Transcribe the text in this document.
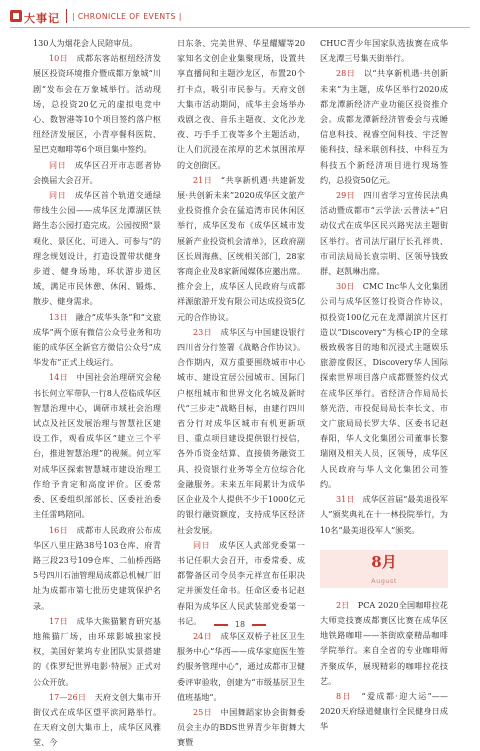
大事记 | CHRONICLE OF EVENTS |

130人为烟花会人民陪审员。

10日　 成都东客站枢纽经济发展区投资环境推介暨成都万象城“川剧”发布会在万象城举行。活动现场，总投资20亿元的虚拟电竞中心、数智港等10个项目签约落户枢纽经济发展区，小青亭餐科医院、星巴克咖啡等6个项目集中签约。

同日　 成华区召开市志愿者协会换届大会召开。

同日　 成华区首个轨道交通绿带线生公园——成华区龙潭湖区铁路生态公园打造完成。公园按照“景观化、景区化、可进入、可参与”的理念规划设计，打造设置带状健身步道、健身场地，环状游步道区域，满足市民休憩、休闲、锻炼、散步、健身需求。

13日　 融合“成华头条”和“文旅成华”两个原有微信公众号业务和功能的成华区全新官方微信公众号“成华发布”正式上线运行。

14日　 中国社会治理研究会秘书长何立军带队一行8人莅临成华区智慧治理中心，调研市域社会治理试点及社区发展治理与智慧社区建设工作，观看成华区“建立三个平台，推进智慧治理”的视频。何立军对成华区探索智慧城市建设治理工作给予肯定和高度评价。区委常委、区委组织部部长、区委社治委主任雷鸣陪同。

16日　 成都市人民政府公布成华区八里庄路38号103仓库、府青路三段23号109仓库、二仙桥西路5号四川石油管理局成都总机械厂旧址为成都市第七批历史建筑保护名录。

17日　 成华大熊猫繁育研究基地熊猫厂场，由环球影城独家授权，美国好莱坞专业团队实景搭建的《侏罗纪世界电影·特展》正式对公众开放。

17—26日　 天府文创大集市开街仪式在成华区望平滨河路举行。在天府文创大集市上，成华区风雅堂、今

日东条、完美世界、华星耀耀等20家知名文创企业集聚现场，设置共享直播间和主题沙龙区，布置20个打卡点，吸引市民参与。天府文创大集市活动期间，成华主会场举办戏剧之夜、音乐主题夜、文化沙龙夜、巧手手工夜等多个主题活动，让人们沉浸在浓厚的艺术氛围浓厚的文创街区。

21日　 “共享新机遇·共建新发展·共创新未来”2020成华区文旅产业投资推介会在猛追湾市民休闲区举行，成华区发布《成华区城市发展新产业投资机会清单》，区政府副区长周海燕、区统相关部门，28家客商企业及8家新闻媒体应邀出席。推介会上，成华区人民政府与成都祥源旅游开发有限公司达成投资5亿元的合作协议。

23日　 成华区与中国建设银行四川省分行签署《战略合作协议》。合作期内，双方重要围绕城市中心城市、建设宜居公园城市、国际门户枢纽城市和世界文化名城及新时代“三步走”战略目标，由建行四川省分行对成华区城市有机更新项目、重点项目建设提供银行授信，各外币资金结算、直接债务融资工具、投资银行业务等全方位综合化金融服务。未来五年间累计为成华区企业及个人提供不少于1000亿元的银行融资额度，支持成华区经济社会发展。

同日　 成华区人武部党委第一书记任职大会召开，市委常委、成都警备区司令员李元祥宣布任职决定并颁发任命书。任命区委书记赵春阳为成华区人民武装部党委第一书记。

24日　 成华区双桥子社区卫生服务中心“华西——成华家庭医生签约服务管理中心”，通过成都市卫健委评审验收，创建为“市级基层卫生值班基地”。

25日　 中国舞蹈家协会街舞委员会主办的BDS世界青少年街舞大赛暨

CHUC青少年国家队选拔赛在成华区龙潭三号集天街举行。

28日　 以“共享新机遇·共创新未来”为主题，成华区举行2020成都龙潭新经济产业功能区投资推介会。成都龙潭新经济管委会与戎睡信息科技、视睿空间科技、宇泛智能科技、绿米联创科技、中科互为科技五个新经济项目进行现场签约，总投资50亿元。

29日　 四川省学习宣传民法典活动暨成都市“云学法·云普法+”启动仪式在成华区民兴路宪法主题街区举行。省司法厅副厅长孔祥贵、市司法局局长袁宗明、区领导钱致群、赵凯琳出席。

30日　 CMC Inc华人文化集团公司与成华区签订投资合作协议，拟投资100亿元在龙潭湖滨片区打造以“Discovery”为核心IP的全球极致极客目的地和沉浸式主题娱乐旅游度假区，Discovery华人国际探索世界项目落户成都暨签约仪式在成华区举行。省经济合作局局长蔡光浩、市投促局局长李长文、市文广旅局局长罗大华、区委书记赵春阳，华人文化集团公司董事长黎瑞刚及相关人员，区领导，成华区人民政府与华人文化集团公司签约。

31日　 成华区首届“最美退役军人”颁奖典礼在十一林投院举行，为10名“最美退役军人”颁奖。

8月
August

2日　 PCA 2020全国咖啡拉花大师竞技赛成都赛区比赛在成华区地铁路咖啡——茶街欧豪精品咖啡学院举行。来自全省的专业咖啡师齐聚成华，展现精彩的咖啡拉花技艺。

8日　 “爱成都·迎大运”——2020天府绿道健康行全民健身日成华

18
